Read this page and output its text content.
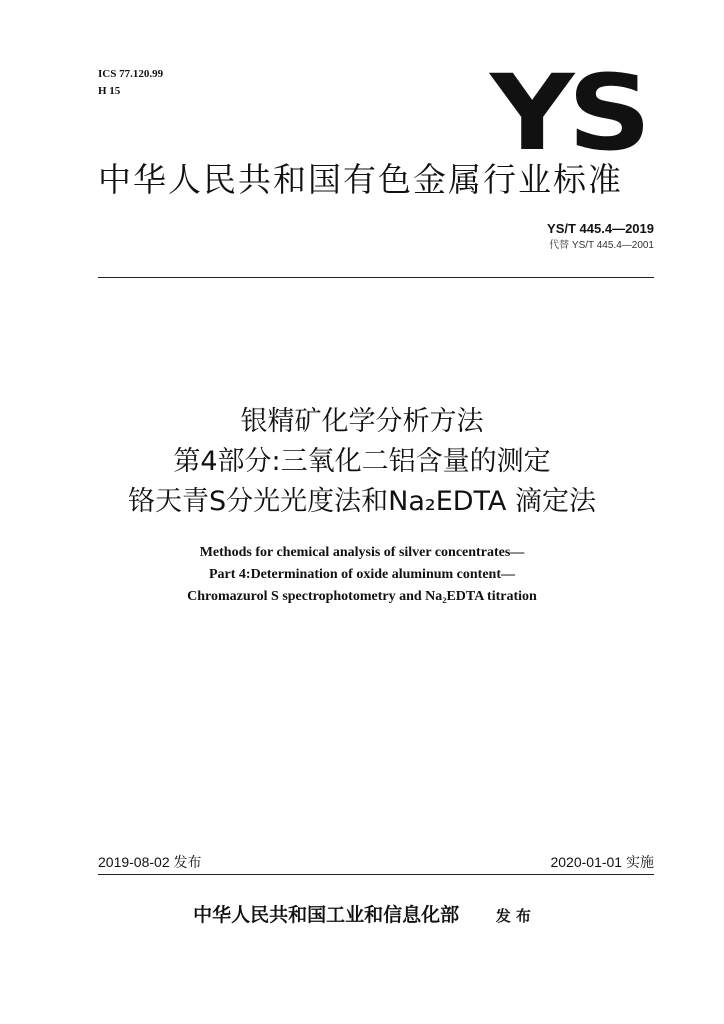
ICS 77.120.99
H 15	YS
中华人民共和国有色金属行业标准
YS/T 445.4—2019
代替 YS/T 445.4—2001
银精矿化学分析方法
第4部分:三氧化二铝含量的测定
铬天青S分光光度法和Na₂EDTA 滴定法
Methods for chemical analysis of silver concentrates—
Part 4:Determination of oxide aluminum content—
Chromazurol S spectrophotometry and Na₂EDTA titration
2019-08-02 发布	2020-01-01 实施
中华人民共和国工业和信息化部 发 布
